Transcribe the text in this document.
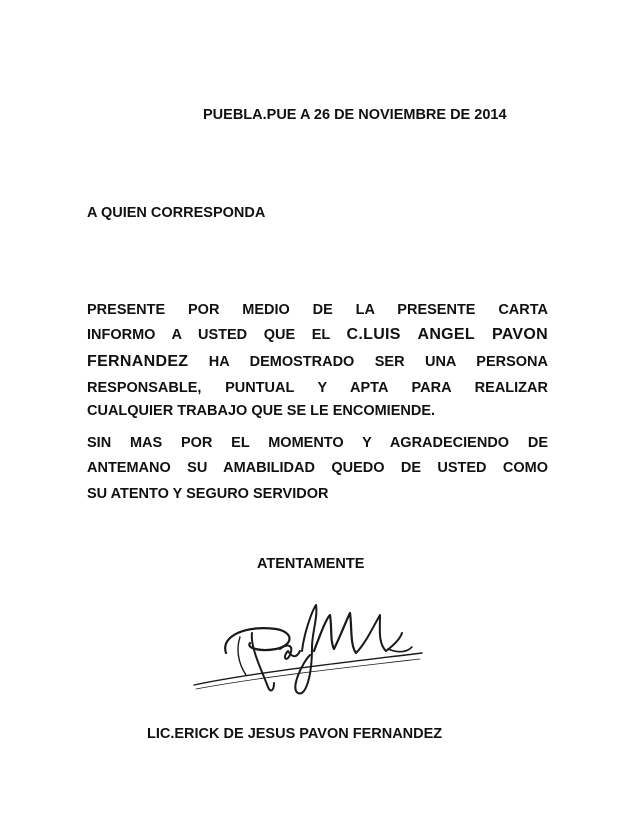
PUEBLA.PUE A 26 DE NOVIEMBRE DE 2014
A QUIEN CORRESPONDA
PRESENTE POR MEDIO DE LA PRESENTE CARTA
INFORMO A USTED QUE EL C.LUIS ANGEL PAVON
FERNANDEZ HA DEMOSTRADO SER UNA PERSONA
RESPONSABLE, PUNTUAL Y APTA PARA REALIZAR
CUALQUIER TRABAJO QUE SE LE ENCOMIENDE.
SIN MAS POR EL MOMENTO Y AGRADECIENDO DE
ANTEMANO SU AMABILIDAD QUEDO DE USTED COMO
SU ATENTO Y SEGURO SERVIDOR
ATENTAMENTE
LIC.ERICK DE JESUS PAVON FERNANDEZ
